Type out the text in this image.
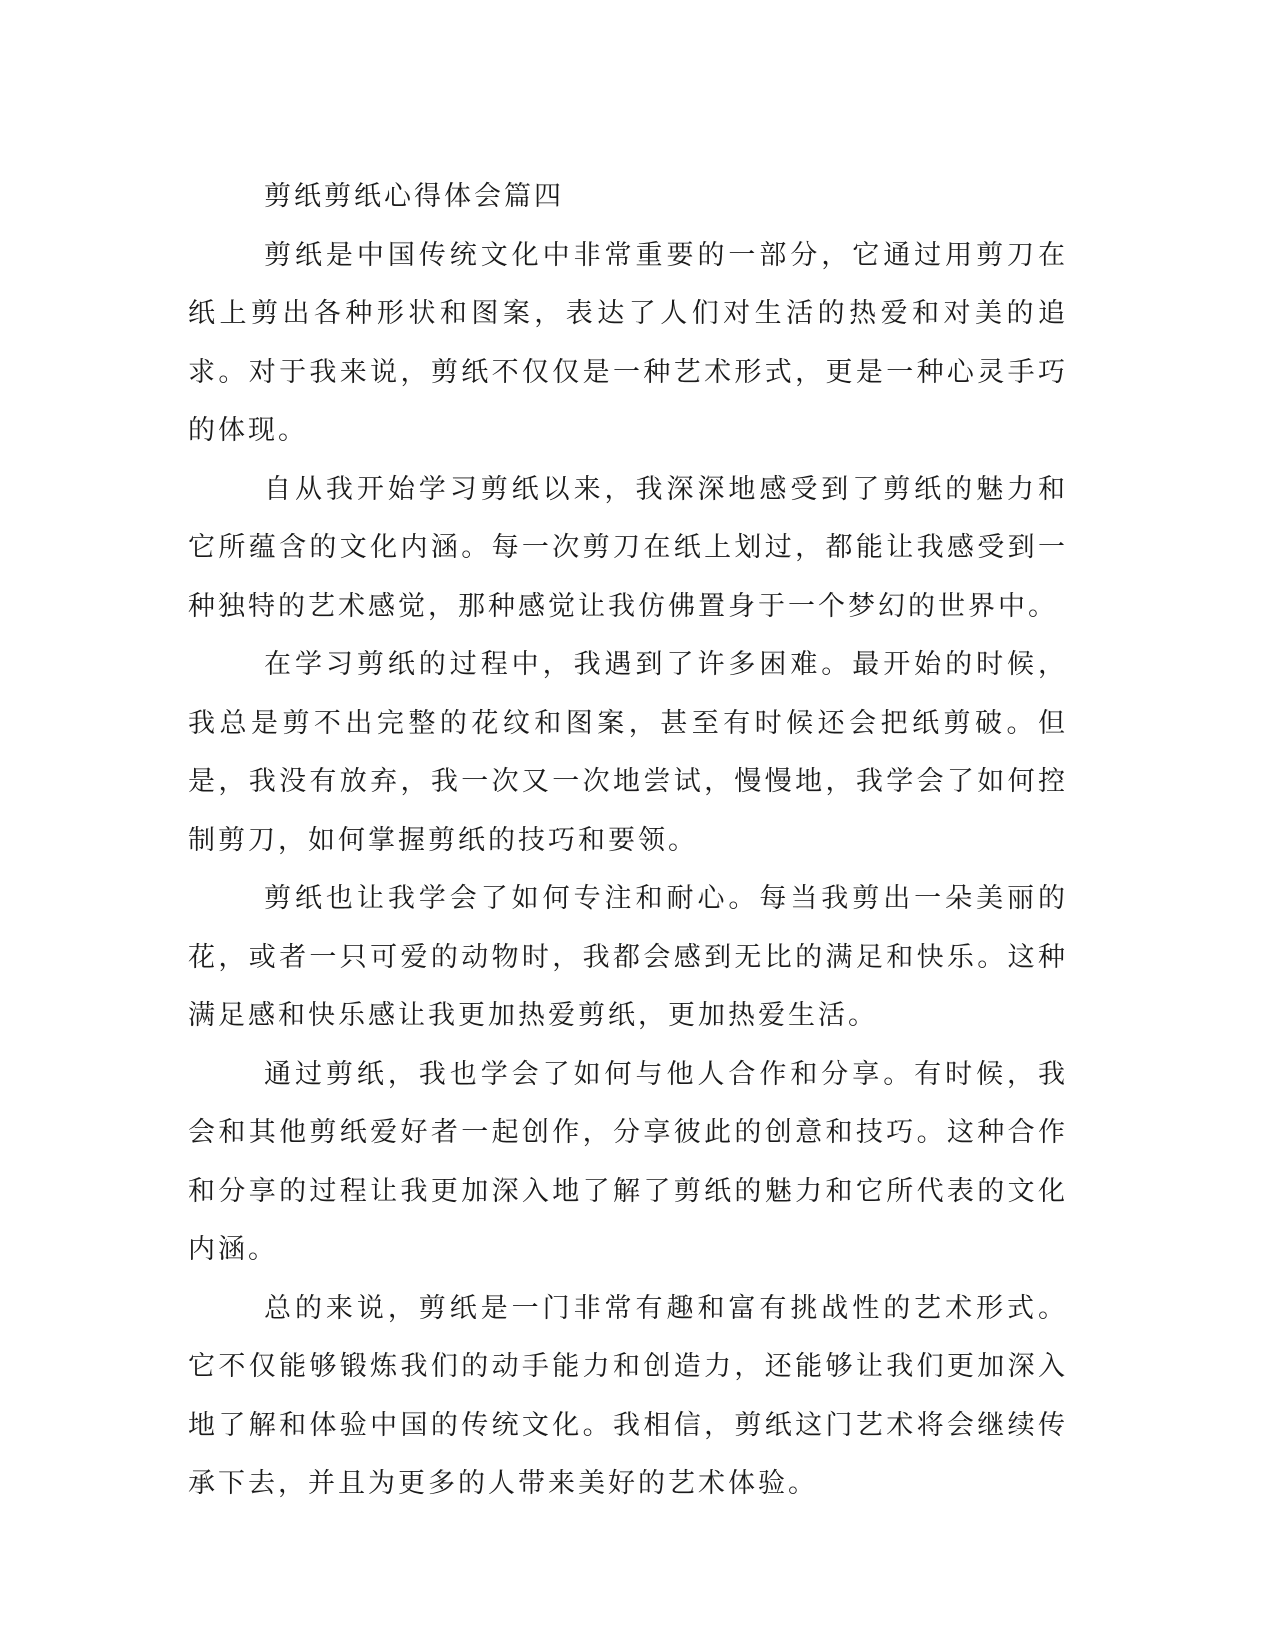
剪纸剪纸心得体会篇四

剪纸是中国传统文化中非常重要的一部分，它通过用剪刀在纸上剪出各种形状和图案，表达了人们对生活的热爱和对美的追求。对于我来说，剪纸不仅仅是一种艺术形式，更是一种心灵手巧的体现。

自从我开始学习剪纸以来，我深深地感受到了剪纸的魅力和它所蕴含的文化内涵。每一次剪刀在纸上划过，都能让我感受到一种独特的艺术感觉，那种感觉让我仿佛置身于一个梦幻的世界中。

在学习剪纸的过程中，我遇到了许多困难。最开始的时候，我总是剪不出完整的花纹和图案，甚至有时候还会把纸剪破。但是，我没有放弃，我一次又一次地尝试，慢慢地，我学会了如何控制剪刀，如何掌握剪纸的技巧和要领。

剪纸也让我学会了如何专注和耐心。每当我剪出一朵美丽的花，或者一只可爱的动物时，我都会感到无比的满足和快乐。这种满足感和快乐感让我更加热爱剪纸，更加热爱生活。

通过剪纸，我也学会了如何与他人合作和分享。有时候，我会和其他剪纸爱好者一起创作，分享彼此的创意和技巧。这种合作和分享的过程让我更加深入地了解了剪纸的魅力和它所代表的文化内涵。

总的来说，剪纸是一门非常有趣和富有挑战性的艺术形式。它不仅能够锻炼我们的动手能力和创造力，还能够让我们更加深入地了解和体验中国的传统文化。我相信，剪纸这门艺术将会继续传承下去，并且为更多的人带来美好的艺术体验。
